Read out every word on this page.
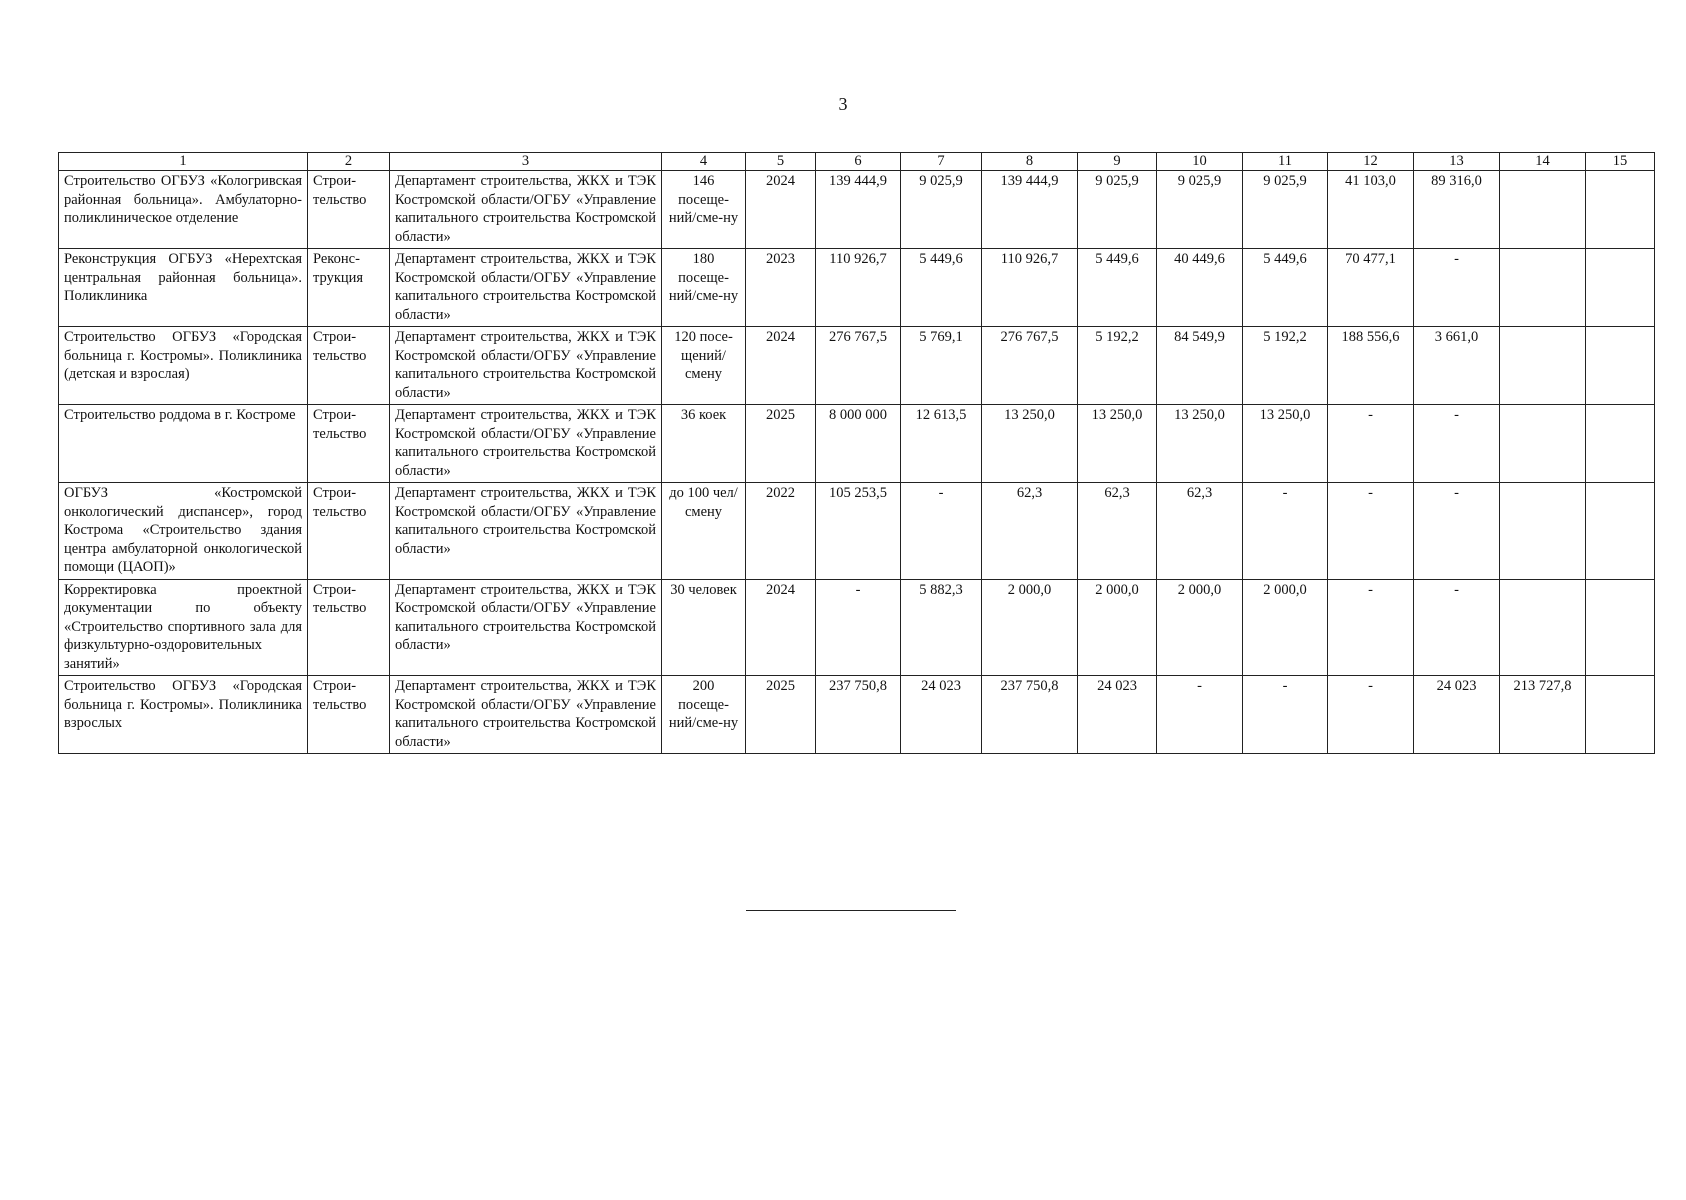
3
1	2	3	4	5	6	7	8	9	10	11	12	13	14	15
Строительство ОГБУЗ «Кологривская районная больница». Амбулаторно-поликлиническое отделение	Строи-тельство	Департамент строительства, ЖКХ и ТЭК Костромской области/ОГБУ «Управление капитального строительства Костромской области»	146 посеще-ний/сме-ну	2024	139 444,9	9 025,9	139 444,9	9 025,9	9 025,9	9 025,9	41 103,0	89 316,0		
Реконструкция ОГБУЗ «Нерехтская центральная районная больница». Поликлиника	Реконс-трукция	Департамент строительства, ЖКХ и ТЭК Костромской области/ОГБУ «Управление капитального строительства Костромской области»	180 посеще-ний/сме-ну	2023	110 926,7	5 449,6	110 926,7	5 449,6	40 449,6	5 449,6	70 477,1	-		
Строительство ОГБУЗ «Городская больница г. Костромы». Поликлиника (детская и взрослая)	Строи-тельство	Департамент строительства, ЖКХ и ТЭК Костромской области/ОГБУ «Управление капитального строительства Костромской области»	120 посе-щений/ смену	2024	276 767,5	5 769,1	276 767,5	5 192,2	84 549,9	5 192,2	188 556,6	3 661,0		
Строительство роддома в г. Костроме	Строи-тельство	Департамент строительства, ЖКХ и ТЭК Костромской области/ОГБУ «Управление капитального строительства Костромской области»	36 коек	2025	8 000 000	12 613,5	13 250,0	13 250,0	13 250,0	13 250,0	-	-		
ОГБУЗ «Костромской онкологический диспансер», город Кострома «Строительство здания центра амбулаторной онкологической помощи (ЦАОП)»	Строи-тельство	Департамент строительства, ЖКХ и ТЭК Костромской области/ОГБУ «Управление капитального строительства Костромской области»	до 100 чел/ смену	2022	105 253,5	-	62,3	62,3	62,3	-	-	-		
Корректировка проектной документации по объекту «Строительство спортивного зала для физкультурно-оздоровительных занятий»	Строи-тельство	Департамент строительства, ЖКХ и ТЭК Костромской области/ОГБУ «Управление капитального строительства Костромской области»	30 человек	2024	-	5 882,3	2 000,0	2 000,0	2 000,0	2 000,0	-	-		
Строительство ОГБУЗ «Городская больница г. Костромы». Поликлиника взрослых	Строи-тельство	Департамент строительства, ЖКХ и ТЭК Костромской области/ОГБУ «Управление капитального строительства Костромской области»	200 посеще-ний/сме-ну	2025	237 750,8	24 023	237 750,8	24 023	-	-	-	24 023	213 727,8	
